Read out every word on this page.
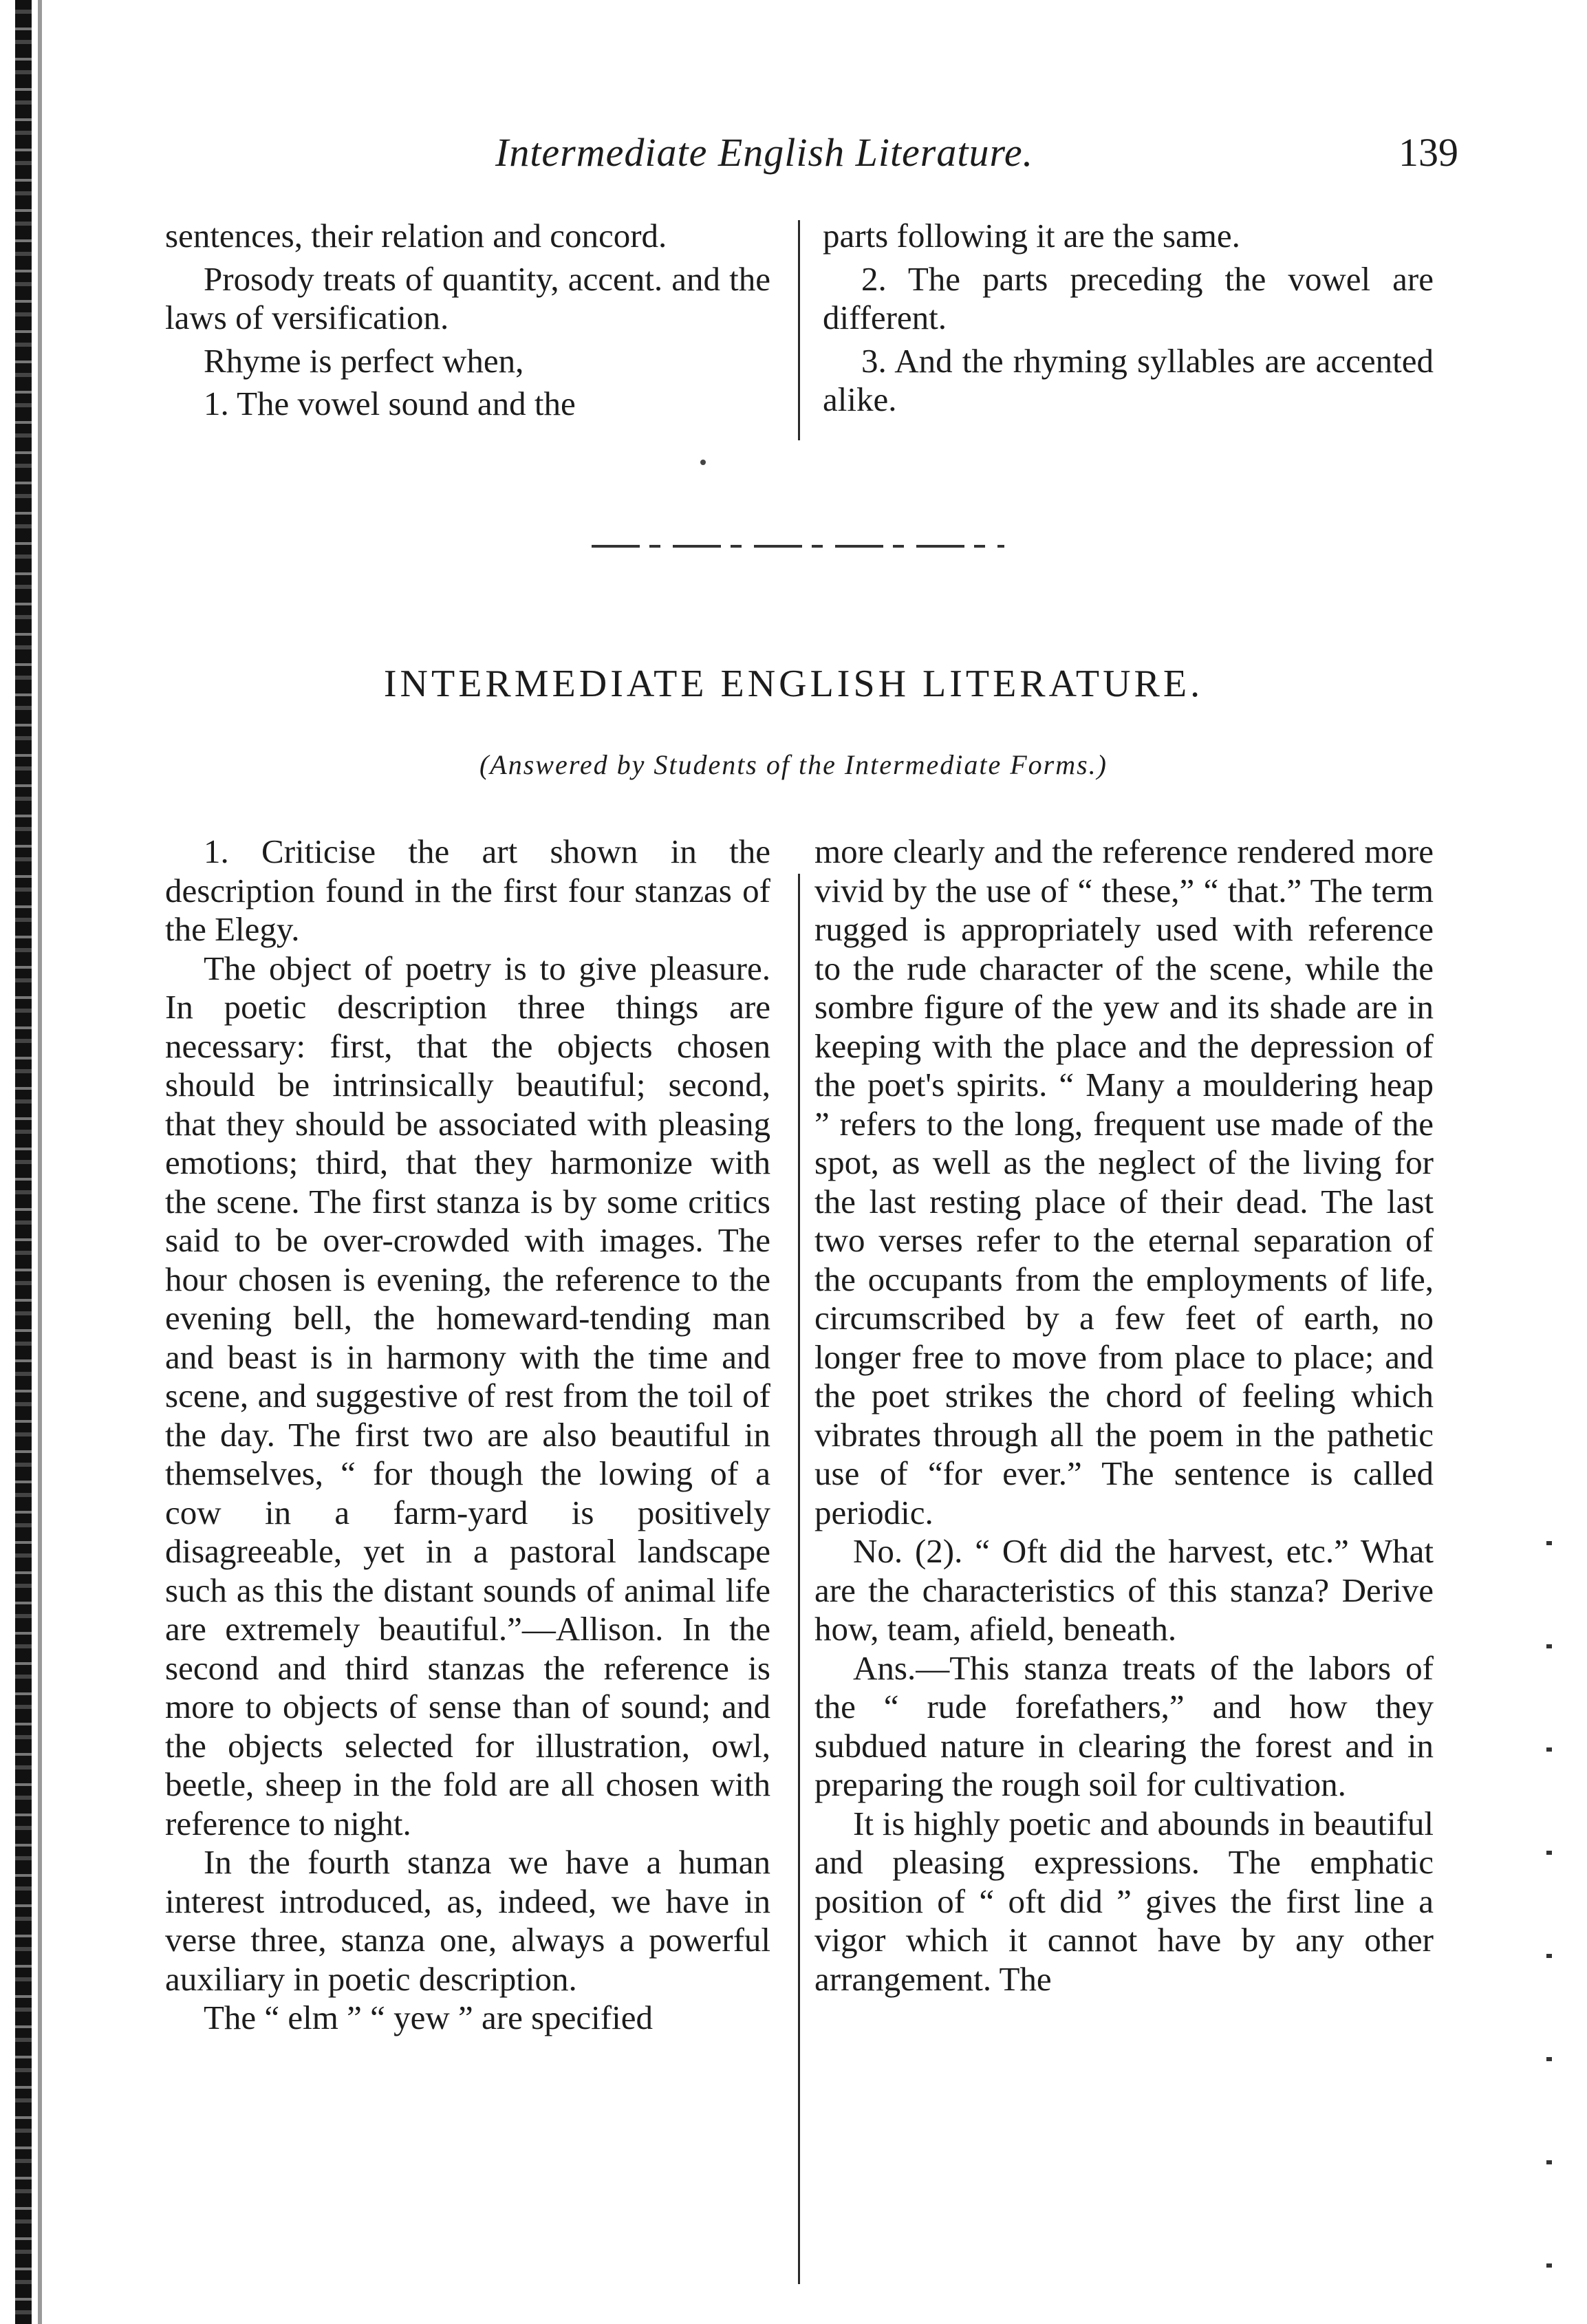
Intermediate English Literature.	139

sentences, their relation and concord.

Prosody treats of quantity, accent. and the laws of versification.

Rhyme is perfect when,

1. The vowel sound and the

parts following it are the same.

2. The parts preceding the vowel are different.

3. And the rhyming syllables are accented alike.

INTERMEDIATE ENGLISH LITERATURE.
(Answered by Students of the Intermediate Forms.)

1. Criticise the art shown in the description found in the first four stanzas of the Elegy.

The object of poetry is to give pleasure. In poetic description three things are necessary: first, that the objects chosen should be intrinsically beautiful; second, that they should be associated with pleasing emotions; third, that they harmonize with the scene. The first stanza is by some critics said to be over-crowded with images. The hour chosen is evening, the reference to the evening bell, the homeward-tending man and beast is in harmony with the time and scene, and suggestive of rest from the toil of the day. The first two are also beautiful in themselves, “ for though the lowing of a cow in a farm-yard is positively disagreeable, yet in a pastoral landscape such as this the distant sounds of animal life are extremely beautiful.”—Allison. In the second and third stanzas the reference is more to objects of sense than of sound; and the objects selected for illustration, owl, beetle, sheep in the fold are all chosen with reference to night.

In the fourth stanza we have a human interest introduced, as, indeed, we have in verse three, stanza one, always a powerful auxiliary in poetic description.

The “ elm ” “ yew ” are specified

more clearly and the reference rendered more vivid by the use of “ these,” “ that.” The term rugged is appropriately used with reference to the rude character of the scene, while the sombre figure of the yew and its shade are in keeping with the place and the depression of the poet's spirits. “ Many a mouldering heap ” refers to the long, frequent use made of the spot, as well as the neglect of the living for the last resting place of their dead. The last two verses refer to the eternal separation of the occupants from the employments of life, circumscribed by a few feet of earth, no longer free to move from place to place; and the poet strikes the chord of feeling which vibrates through all the poem in the pathetic use of “for ever.” The sentence is called periodic.

No. (2). “ Oft did the harvest, etc.” What are the characteristics of this stanza? Derive how, team, afield, beneath.

Ans.—This stanza treats of the labors of the “ rude forefathers,” and how they subdued nature in clearing the forest and in preparing the rough soil for cultivation.

It is highly poetic and abounds in beautiful and pleasing expressions. The emphatic position of “ oft did ” gives the first line a vigor which it cannot have by any other arrangement. The
